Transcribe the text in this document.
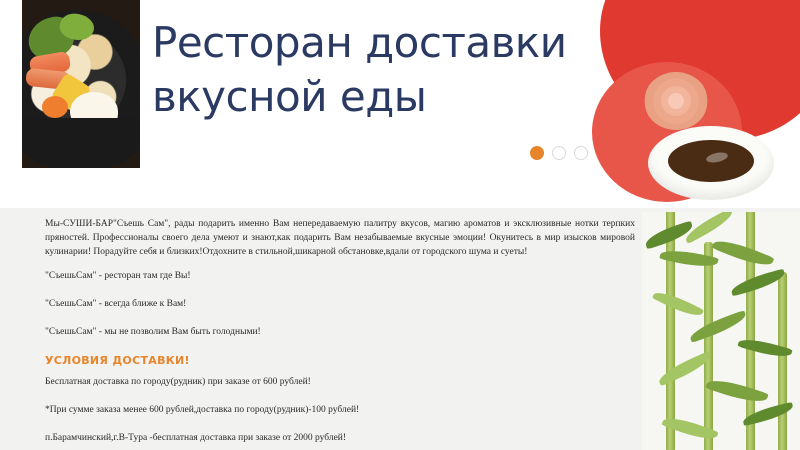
Ресторан доставки
вкусной еды
Мы-СУШИ-БАР"Съешь Сам", рады подарить именно Вам непередаваемую палитру вкусов, магию ароматов и эксклюзивные нотки терпких пряностей. Профессионалы своего дела умеют и знают,как подарить Вам незабываемые вкусные эмоции! Окунитесь в мир изысков мировой кулинарии! Порадуйте себя и близких!Отдохните в стильной,шикарной обстановке,вдали от городского шума и суеты!
"СъешьСам" - ресторан там где Вы!
"СъешьСам" - всегда ближе к Вам!
"СъешьСам" - мы не позволим Вам быть голодными!
УСЛОВИЯ ДОСТАВКИ!
Бесплатная доставка по городу(рудник) при заказе от 600 рублей!
*При сумме заказа менее 600 рублей,доставка по городу(рудник)-100 рублей!
п.Барамчинский,г.В-Тура -бесплатная доставка при заказе от 2000 рублей!
